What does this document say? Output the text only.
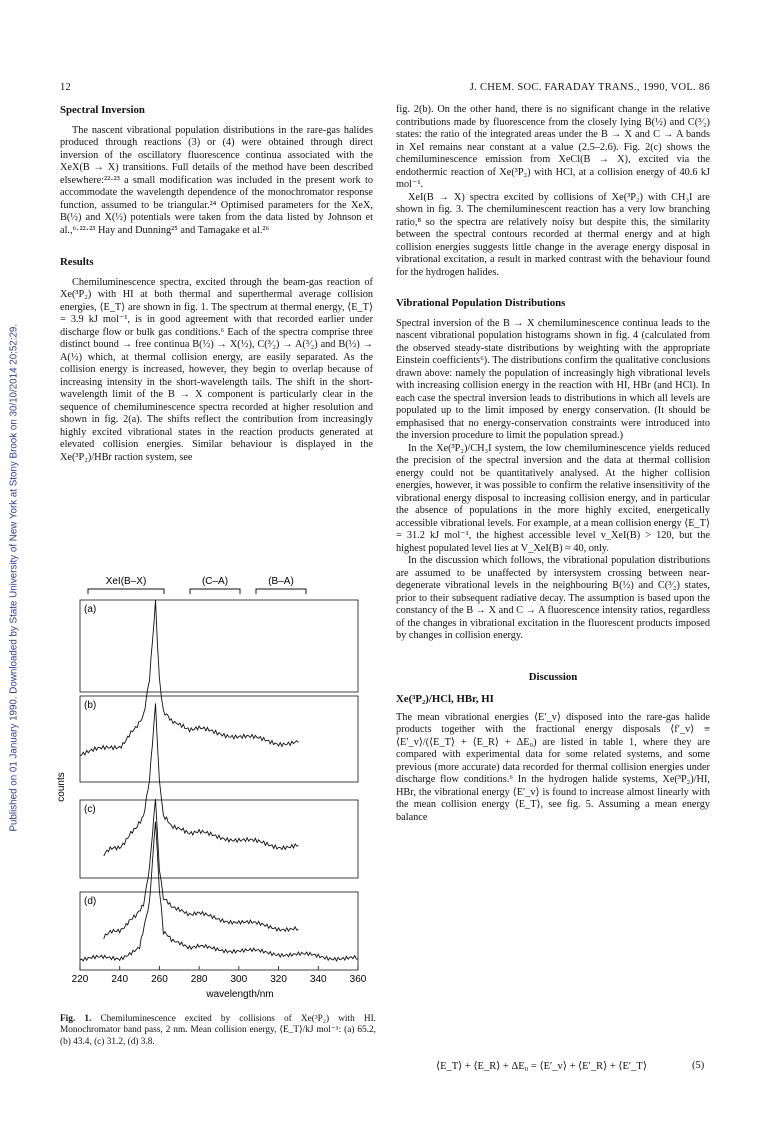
12	J. CHEM. SOC. FARADAY TRANS., 1990, VOL. 86
Published on 01 January 1990. Downloaded by State University of New York at Stony Brook on 30/10/2014 20:52:29.

Spectral Inversion

The nascent vibrational population distributions in the rare-gas halides produced through reactions (3) or (4) were obtained through direct inversion of the oscillatory fluorescence continua associated with the XeX(B → X) transitions. Full details of the method have been described elsewhere:²²·²³ a small modification was included in the present work to accommodate the wavelength dependence of the monochromator response function, assumed to be triangular.²⁴ Optimised parameters for the XeX, B(½) and X(½) potentials were taken from the data listed by Johnson et al.,⁶·²²·²³ Hay and Dunning²⁵ and Tamagake et al.²⁶

Results

Chemiluminescence spectra, excited through the beam-gas reaction of Xe(³P₂) with HI at both thermal and superthermal average collision energies, ⟨E_T⟩ are shown in fig. 1. The spectrum at thermal energy, ⟨E_T⟩ = 3.9 kJ mol⁻¹, is in good agreement with that recorded earlier under discharge flow or bulk gas conditions.⁶ Each of the spectra comprise three distinct bound → free continua B(½) → X(½), C(³⁄₂) → A(³⁄₂) and B(½) → A(½) which, at thermal collision energy, are easily separated. As the collision energy is increased, however, they begin to overlap because of increasing intensity in the short-wavelength tails. The shift in the short-wavelength limit of the B → X component is particularly clear in the sequence of chemiluminescence spectra recorded at higher resolution and shown in fig. 2(a). The shifts reflect the contribution from increasingly highly excited vibrational states in the reaction products generated at elevated collision energies. Similar behaviour is displayed in the Xe(³P₂)/HBr raction system, see

XeI(B–X)	(C–A)	(B–A)
(a)
(b)
(c)
(d)
220 240 260 280 300 320 340 360
counts
wavelength/nm

Fig. 1. Chemiluminescence excited by collisions of Xe(³P₂) with HI. Monochromator band pass, 2 nm. Mean collision energy, ⟨E_T⟩/kJ mol⁻¹: (a) 65.2, (b) 43.4, (c) 31.2, (d) 3.8.

fig. 2(b). On the other hand, there is no significant change in the relative contributions made by fluorescence from the closely lying B(½) and C(³⁄₂) states: the ratio of the integrated areas under the B → X and C → A bands in XeI remains near constant at a value (2.5–2.6). Fig. 2(c) shows the chemiluminescence emission from XeCl(B → X), excited via the endothermic reaction of Xe(³P₂) with HCl, at a collision energy of 40.6 kJ mol⁻¹.

XeI(B → X) spectra excited by collisions of Xe(³P₂) with CH₃I are shown in fig. 3. The chemiluminescent reaction has a very low branching ratio,⁸ so the spectra are relatively noisy but despite this, the similarity between the spectral contours recorded at thermal energy and at high collision energies suggests little change in the average energy disposal in vibrational excitation, a result in marked contrast with the behaviour found for the hydrogen halides.

Vibrational Population Distributions

Spectral inversion of the B → X chemiluminescence continua leads to the nascent vibrational population histograms shown in fig. 4 (calculated from the observed steady-state distributions by weighting with the appropriate Einstein coefficients⁶). The distributions confirm the qualitative conclusions drawn above: namely the population of increasingly high vibrational levels with increasing collision energy in the reaction with HI, HBr (and HCl). In each case the spectral inversion leads to distributions in which all levels are populated up to the limit imposed by energy conservation. (It should be emphasised that no energy-conservation constraints were introduced into the inversion procedure to limit the population spread.)

In the Xe(³P₂)/CH₃I system, the low chemiluminescence yields reduced the precision of the spectral inversion and the data at thermal collision energy could not be quantitatively analysed. At the higher collision energies, however, it was possible to confirm the relative insensitivity of the vibrational energy disposal to increasing collision energy, and in particular the absence of populations in the more highly excited, energetically accessible vibrational levels. For example, at a mean collision energy ⟨E_T⟩ = 31.2 kJ mol⁻¹, the highest accessible level v_XeI(B) > 120, but the highest populated level lies at V_XeI(B) ≈ 40, only.

In the discussion which follows, the vibrational population distributions are assumed to be unaffected by intersystem crossing between near-degenerate vibrational levels in the neighbouring B(½) and C(³⁄₂) states, prior to their subsequent radiative decay. The assumption is based upon the constancy of the B → X and C → A fluorescence intensity ratios, regardless of the changes in vibrational excitation in the fluorescent products imposed by changes in collision energy.

Discussion

Xe(³P₂)/HCl, HBr, HI

The mean vibrational energies ⟨E′_v⟩ disposed into the rare-gas halide products together with the fractional energy disposals ⟨f′_v⟩ ≡ ⟨E′_v⟩/(⟨E_T⟩ + ⟨E_R⟩ + ΔE₀) are listed in table 1, where they are compared with experimental data for some related systems, and some previous (more accurate) data recorded for thermal collision energies under discharge flow conditions.⁶ In the hydrogen halide systems, Xe(³P₂)/HI, HBr, the vibrational energy ⟨E′_v⟩ is found to increase almost linearly with the mean collision energy ⟨E_T⟩, see fig. 5. Assuming a mean energy balance

⟨E_T⟩ + ⟨E_R⟩ + ΔE₀ = ⟨E′_v⟩ + ⟨E′_R⟩ + ⟨E′_T⟩	(5)
